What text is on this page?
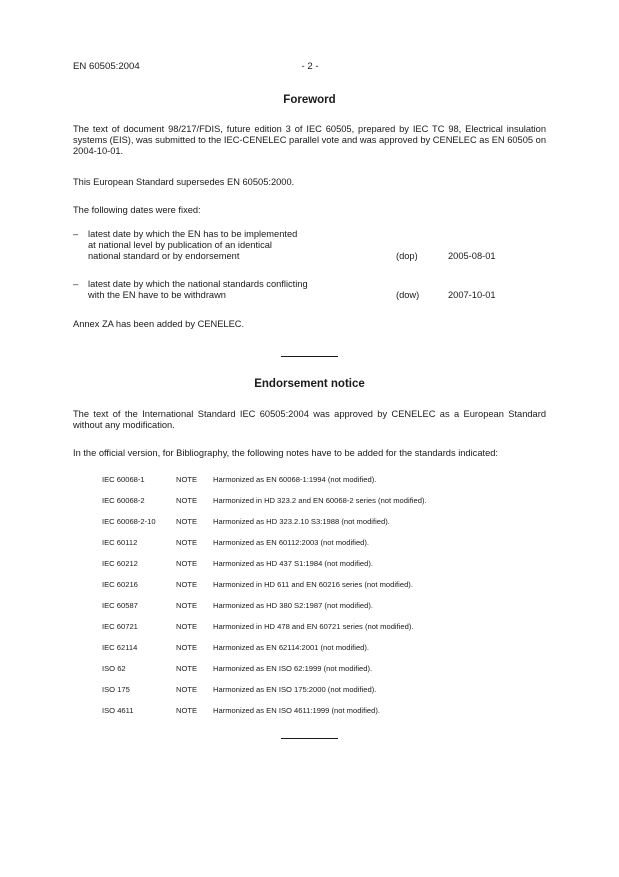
EN 60505:2004	- 2 -
Foreword
The text of document 98/217/FDIS, future edition 3 of IEC 60505, prepared by IEC TC 98, Electrical insulation systems (EIS), was submitted to the IEC-CENELEC parallel vote and was approved by CENELEC as EN 60505 on 2004-10-01.
This European Standard supersedes EN 60505:2000.
The following dates were fixed:
– latest date by which the EN has to be implemented
at national level by publication of an identical
national standard or by endorsement	(dop)	2005-08-01
– latest date by which the national standards conflicting
with the EN have to be withdrawn	(dow)	2007-10-01
Annex ZA has been added by CENELEC.
Endorsement notice
The text of the International Standard IEC 60505:2004 was approved by CENELEC as a European Standard without any modification.
In the official version, for Bibliography, the following notes have to be added for the standards indicated:
IEC 60068-1	NOTE Harmonized as EN 60068-1:1994 (not modified).
IEC 60068-2	NOTE Harmonized in HD 323.2 and EN 60068-2 series (not modified).
IEC 60068-2-10	NOTE Harmonized as HD 323.2.10 S3:1988 (not modified).
IEC 60112	NOTE Harmonized as EN 60112:2003 (not modified).
IEC 60212	NOTE Harmonized as HD 437 S1:1984 (not modified).
IEC 60216	NOTE Harmonized in HD 611 and EN 60216 series (not modified).
IEC 60587	NOTE Harmonized as HD 380 S2:1987 (not modified).
IEC 60721	NOTE Harmonized in HD 478 and EN 60721 series (not modified).
IEC 62114	NOTE Harmonized as EN 62114:2001 (not modified).
ISO 62	NOTE Harmonized as EN ISO 62:1999 (not modified).
ISO 175	NOTE Harmonized as EN ISO 175:2000 (not modified).
ISO 4611	NOTE Harmonized as EN ISO 4611:1999 (not modified).
